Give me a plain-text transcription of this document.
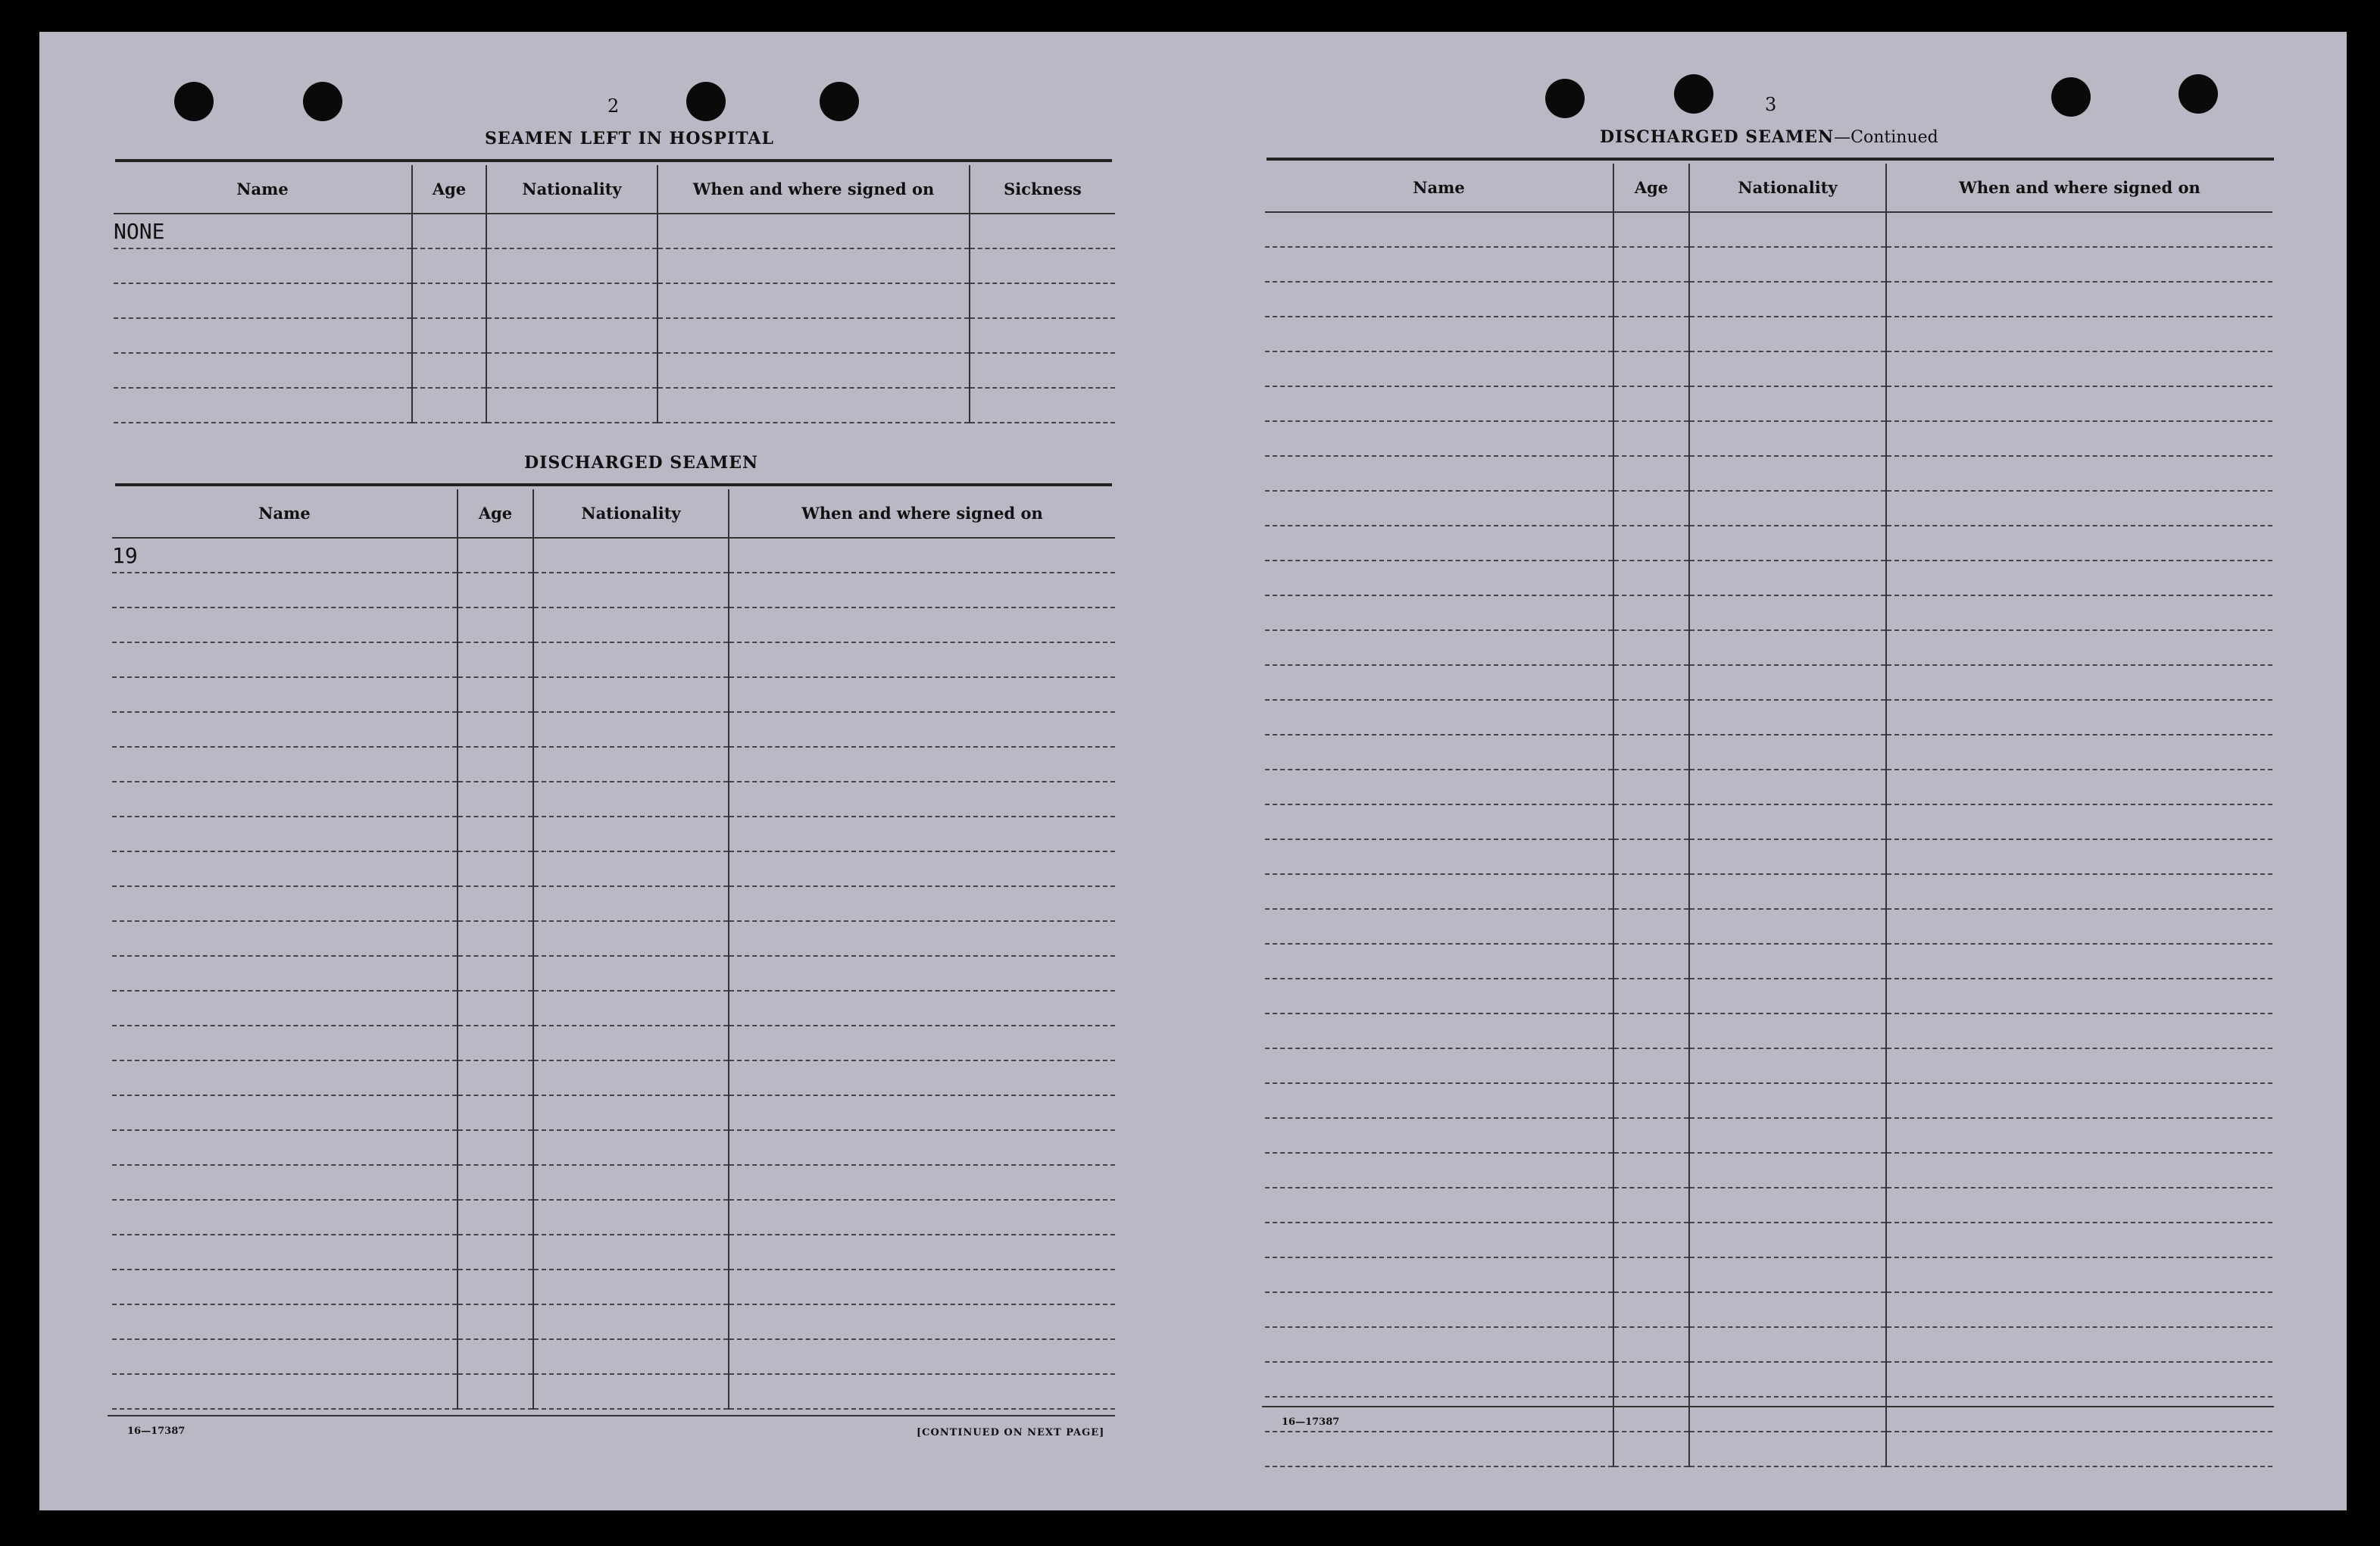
2
SEAMEN LEFT IN HOSPITAL
Name	Age	Nationality	When and where signed on	Sickness
NONE				

DISCHARGED SEAMEN
Name	Age	Nationality	When and where signed on
19			

16—17387	[CONTINUED ON NEXT PAGE]
3
DISCHARGED SEAMEN—Continued
Name	Age	Nationality	When and where signed on

16—17387
